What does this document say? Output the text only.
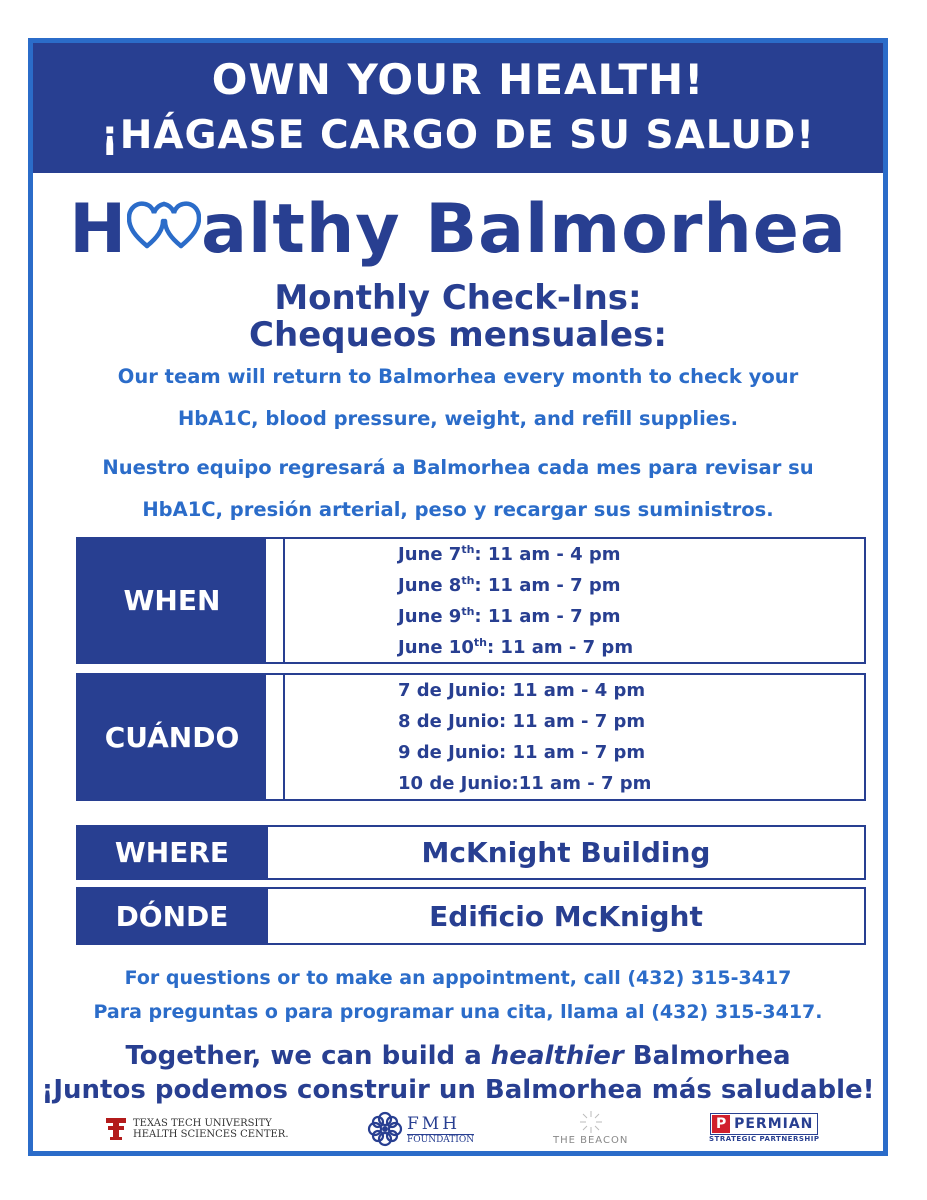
OWN YOUR HEALTH!
¡HÁGASE CARGO DE SU SALUD!
H althy Balmorhea
Monthly Check-Ins:
Chequeos mensuales:
Our team will return to Balmorhea every month to check your
HbA1C, blood pressure, weight, and refill supplies.
Nuestro equipo regresará a Balmorhea cada mes para revisar su
HbA1C, presión arterial, peso y recargar sus suministros.
WHEN
June 7th: 11 am - 4 pm
June 8th: 11 am - 7 pm
June 9th: 11 am - 7 pm
June 10th: 11 am - 7 pm
CUÁNDO
7 de Junio: 11 am - 4 pm
8 de Junio: 11 am - 7 pm
9 de Junio: 11 am - 7 pm
10 de Junio:11 am - 7 pm
WHERE	McKnight Building
DÓNDE	Edificio McKnight
For questions or to make an appointment, call (432) 315-3417
Para preguntas o para programar una cita, llama al (432) 315-3417.
Together, we can build a healthier Balmorhea
¡Juntos podemos construir un Balmorhea más saludable!
TEXAS TECH UNIVERSITY
HEALTH SCIENCES CENTER.
FMH
FOUNDATION	THE BEACON
P PERMIAN
STRATEGIC PARTNERSHIP
